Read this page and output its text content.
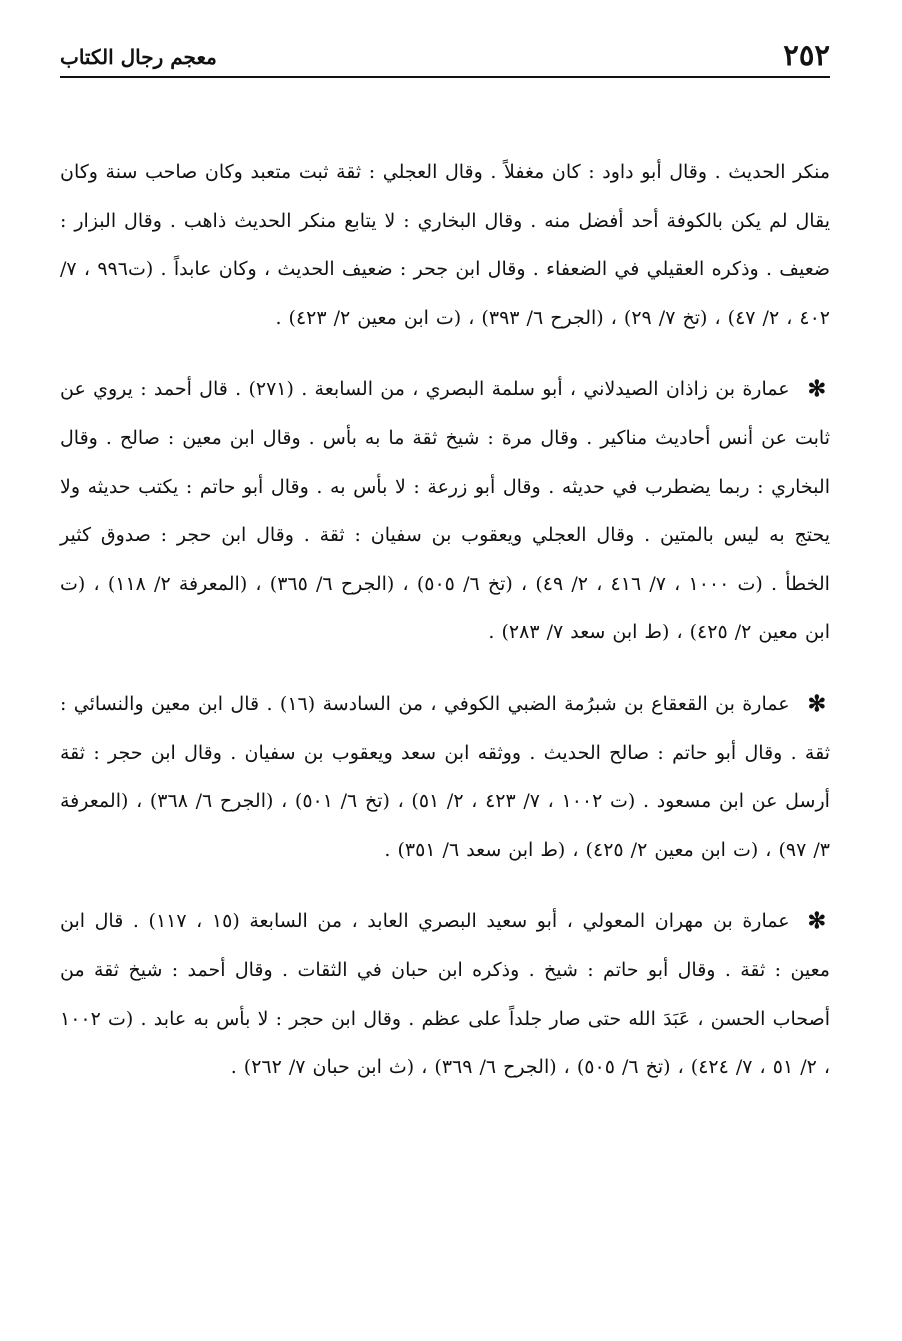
٢٥٢
معجم رجال الكتاب

منكر الحديث . وقال أبو داود : كان مغفلاً . وقال العجلي : ثقة ثبت متعبد وكان صاحب سنة وكان يقال لم يكن بالكوفة أحد أفضل منه . وقال البخاري : لا يتابع منكر الحديث ذاهب . وقال البزار : ضعيف . وذكره العقيلي في الضعفاء . وقال ابن جحر : ضعيف الحديث ، وكان عابداً . (ت٩٩٦ ، ٧/ ٤٠٢ ، ٢/ ٤٧) ، (تخ ٧/ ٢٩) ، (الجرح ٦/ ٣٩٣) ، (ت ابن معين ٢/ ٤٢٣) .

✻عمارة بن زاذان الصيدلاني ، أبو سلمة البصري ، من السابعة . (٢٧١) . قال أحمد : يروي عن ثابت عن أنس أحاديث مناكير . وقال مرة : شيخ ثقة ما به بأس . وقال ابن معين : صالح . وقال البخاري : ربما يضطرب في حديثه . وقال أبو زرعة : لا بأس به . وقال أبو حاتم : يكتب حديثه ولا يحتج به ليس بالمتين . وقال العجلي ويعقوب بن سفيان : ثقة . وقال ابن حجر : صدوق كثير الخطأ . (ت ١٠٠٠ ، ٧/ ٤١٦ ، ٢/ ٤٩) ، (تخ ٦/ ٥٠٥) ، (الجرح ٦/ ٣٦٥) ، (المعرفة ٢/ ١١٨) ، (ت ابن معين ٢/ ٤٢٥) ، (ط ابن سعد ٧/ ٢٨٣) .

✻عمارة بن القعقاع بن شبرُمة الضبي الكوفي ، من السادسة (١٦) . قال ابن معين والنسائي : ثقة . وقال أبو حاتم : صالح الحديث . ووثقه ابن سعد ويعقوب بن سفيان . وقال ابن حجر : ثقة أرسل عن ابن مسعود . (ت ١٠٠٢ ، ٧/ ٤٢٣ ، ٢/ ٥١) ، (تخ ٦/ ٥٠١) ، (الجرح ٦/ ٣٦٨) ، (المعرفة ٣/ ٩٧) ، (ت ابن معين ٢/ ٤٢٥) ، (ط ابن سعد ٦/ ٣٥١) .

✻عمارة بن مهران المعولي ، أبو سعيد البصري العابد ، من السابعة (١٥ ، ١١٧) . قال ابن معين : ثقة . وقال أبو حاتم : شيخ . وذكره ابن حبان في الثقات . وقال أحمد : شيخ ثقة من أصحاب الحسن ، عَبَدَ الله حتى صار جلداً على عظم . وقال ابن حجر : لا بأس به عابد . (ت ١٠٠٢ ، ٢/ ٥١ ، ٧/ ٤٢٤) ، (تخ ٦/ ٥٠٥) ، (الجرح ٦/ ٣٦٩) ، (ث ابن حبان ٧/ ٢٦٢) .
